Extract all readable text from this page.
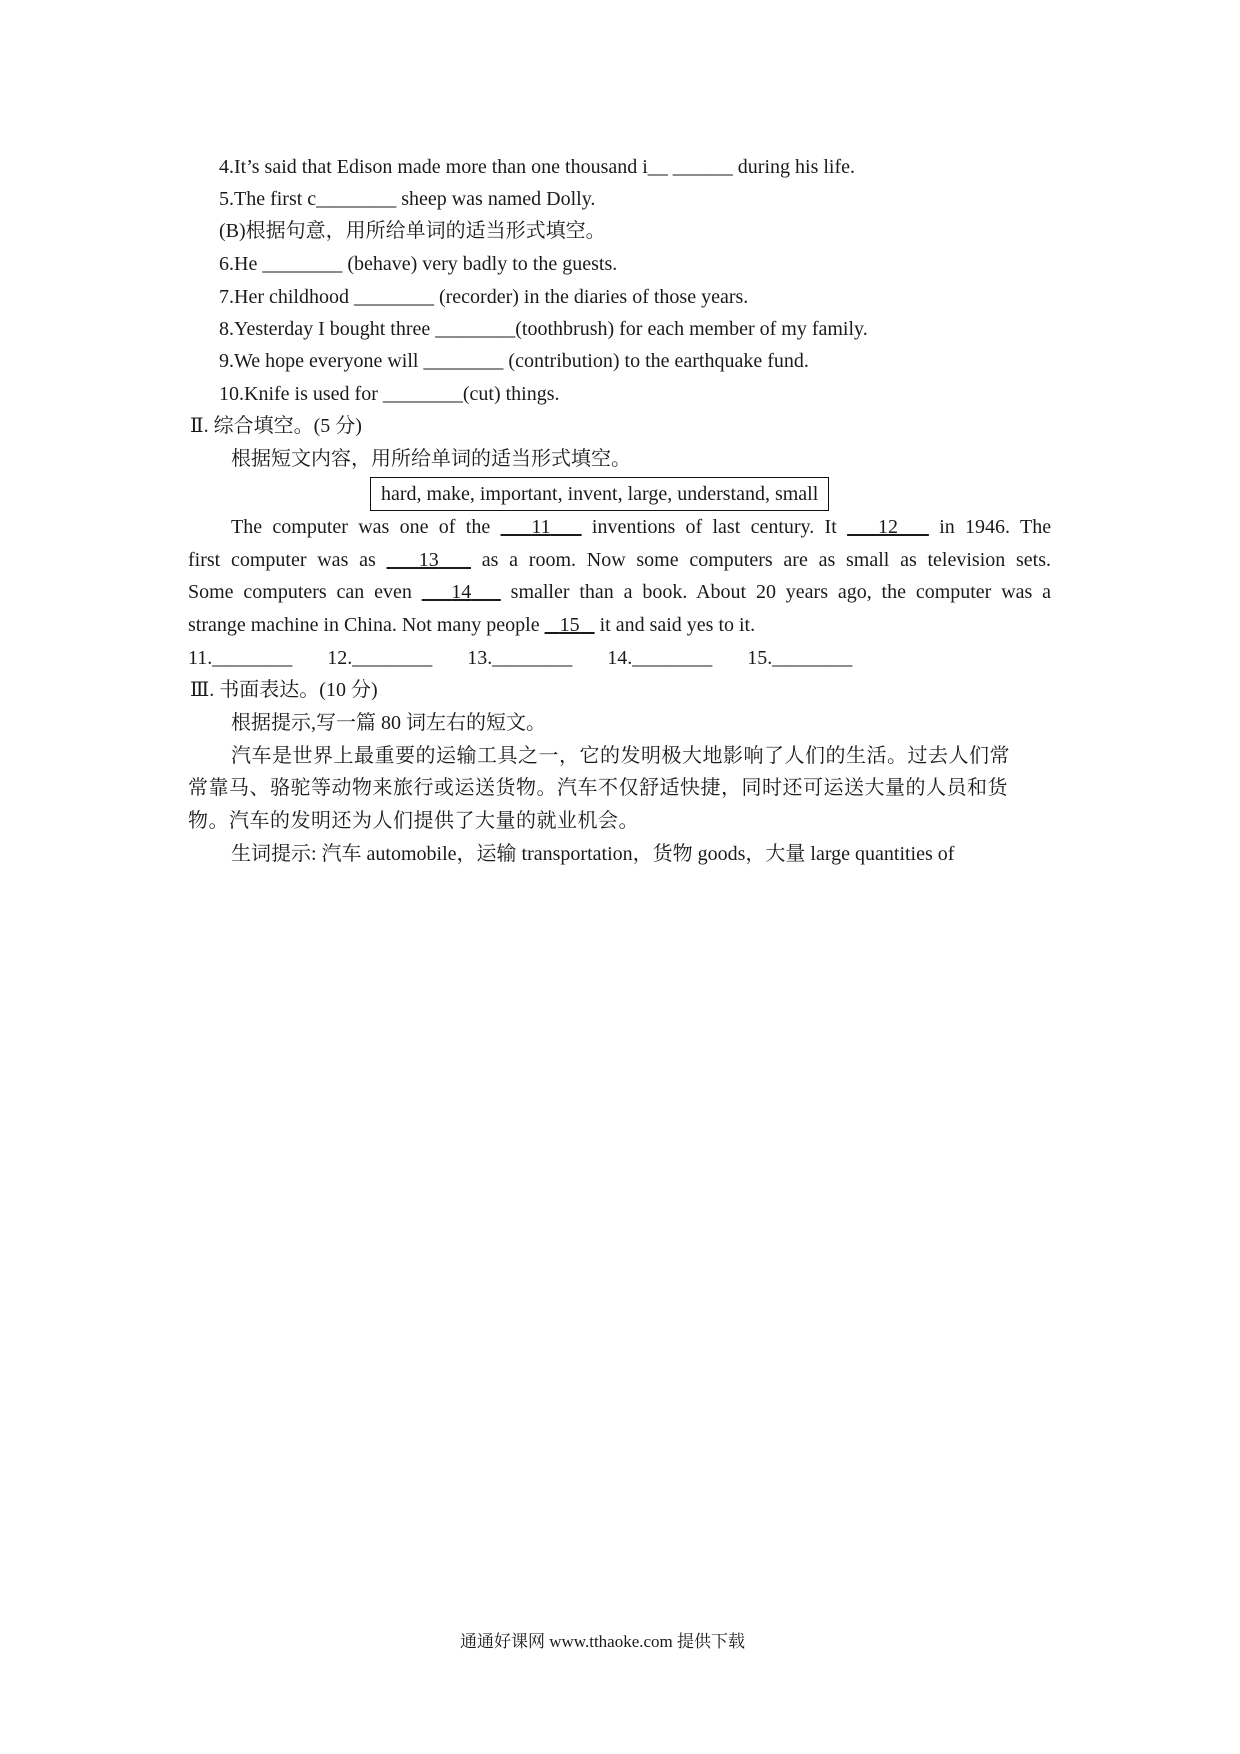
4.It’s said that Edison made more than one thousand i__ ______ during his life.
5.The first c________ sheep was named Dolly.
(B)根据句意，用所给单词的适当形式填空。
6.He ________ (behave) very badly to the guests.
7.Her childhood ________ (recorder) in the diaries of those years.
8.Yesterday I bought three ________(toothbrush) for each member of my family.
9.We hope everyone will ________ (contribution) to the earthquake fund.
10.Knife is used for ________(cut) things.
Ⅱ. 综合填空。(5 分)
根据短文内容，用所给单词的适当形式填空。
hard, make, important, invent, large, understand, small
The computer was one of the 11 inventions of last century. It 12 in 1946. The
first computer was as 13 as a room. Now some computers are as small as television sets.
Some computers can even 14 smaller than a book. About 20 years ago, the computer was a
strange machine in China. Not many people 15 it and said yes to it.
11.________ 12.________ 13.________ 14.________ 15.________
Ⅲ. 书面表达。(10 分)
根据提示,写一篇 80 词左右的短文。
汽车是世界上最重要的运输工具之一，它的发明极大地影响了人们的生活。过去人们常
常靠马、骆驼等动物来旅行或运送货物。汽车不仅舒适快捷，同时还可运送大量的人员和货
物。汽车的发明还为人们提供了大量的就业机会。
生词提示: 汽车 automobile，运输 transportation，货物 goods，大量 large quantities of
通通好课网 www.tthaoke.com 提供下载
